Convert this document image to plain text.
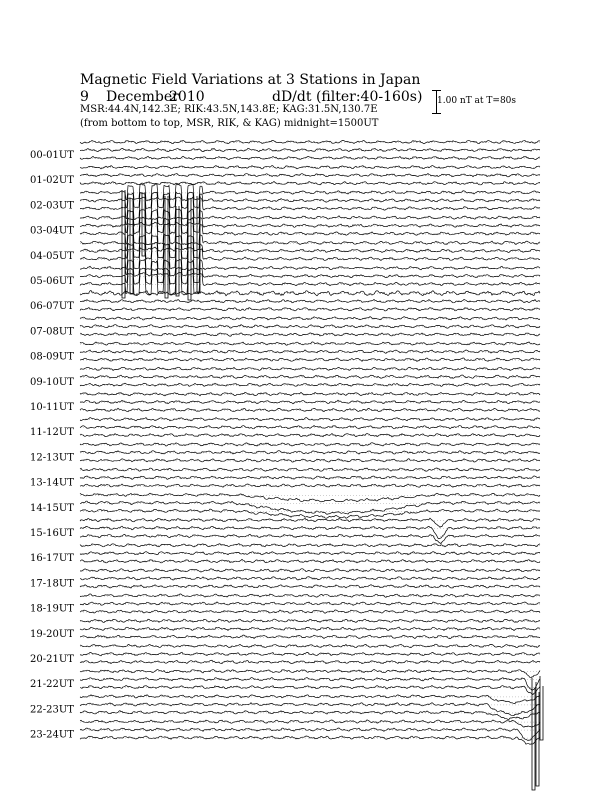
Magnetic Field Variations at 3 Stations in Japan
9 December
2010	dD/dt (filter:40-160s)
MSR:44.4N,142.3E; RIK:43.5N,143.8E; KAG:31.5N,130.7E
(from bottom to top, MSR, RIK, & KAG) midnight=1500UT
1.00 nT at T=80s
00-01UT
01-02UT
02-03UT
03-04UT
04-05UT
05-06UT
06-07UT
07-08UT
08-09UT
09-10UT
10-11UT
11-12UT
12-13UT
13-14UT
14-15UT
15-16UT
16-17UT
17-18UT
18-19UT
19-20UT
20-21UT
21-22UT
22-23UT
23-24UT
